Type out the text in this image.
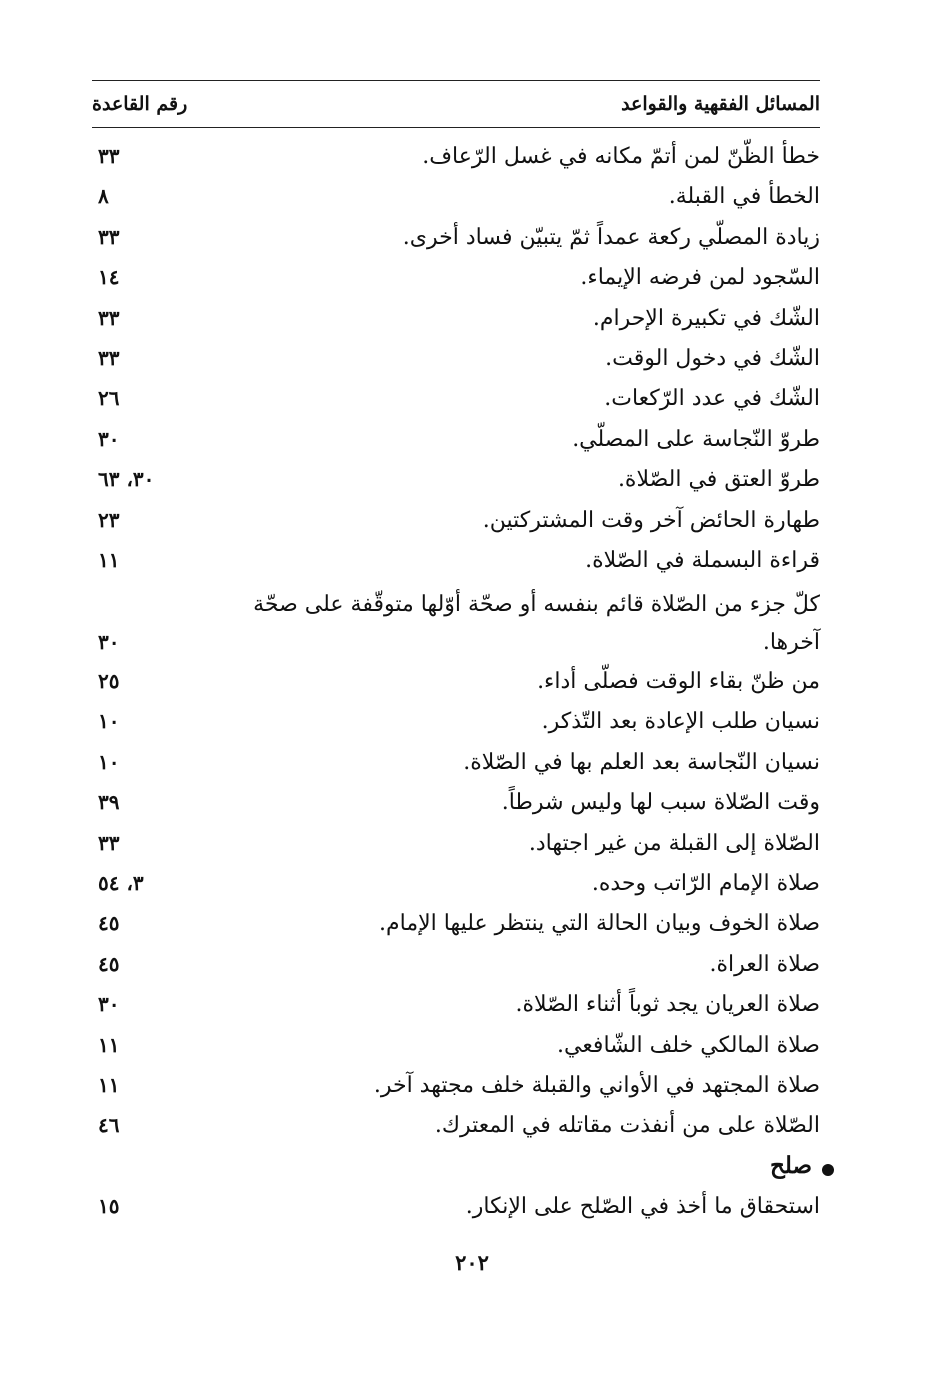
المسائل الفقهية والقواعد
رقم القاعدة
خطأ الظّنّ لمن أتمّ مكانه في غسل الرّعاف.
٣٣
الخطأ في القبلة.
٨
زيادة المصلّي ركعة عمداً ثمّ يتبيّن فساد أخرى.
٣٣
السّجود لمن فرضه الإيماء.
١٤
الشّك في تكبيرة الإحرام.
٣٣
الشّك في دخول الوقت.
٣٣
الشّك في عدد الرّكعات.
٢٦
طروّ النّجاسة على المصلّي.
٣٠
طروّ العتق في الصّلاة.
٣٠، ٦٣
طهارة الحائض آخر وقت المشتركتين.
٢٣
قراءة البسملة في الصّلاة.
١١
كلّ جزء من الصّلاة قائم بنفسه أو صحّة أوّلها متوقّفة على صحّة آخرها.
٣٠
من ظنّ بقاء الوقت فصلّى أداء.
٢٥
نسيان طلب الإعادة بعد التّذكر.
١٠
نسيان النّجاسة بعد العلم بها في الصّلاة.
١٠
وقت الصّلاة سبب لها وليس شرطاً.
٣٩
الصّلاة إلى القبلة من غير اجتهاد.
٣٣
صلاة الإمام الرّاتب وحده.
٣، ٥٤
صلاة الخوف وبيان الحالة التي ينتظر عليها الإمام.
٤٥
صلاة العراة.
٤٥
صلاة العريان يجد ثوباً أثناء الصّلاة.
٣٠
صلاة المالكي خلف الشّافعي.
١١
صلاة المجتهد في الأواني والقبلة خلف مجتهد آخر.
١١
الصّلاة على من أنفذت مقاتله في المعترك.
٤٦
صلح
استحقاق ما أخذ في الصّلح على الإنكار.
١٥
٢٠٢
